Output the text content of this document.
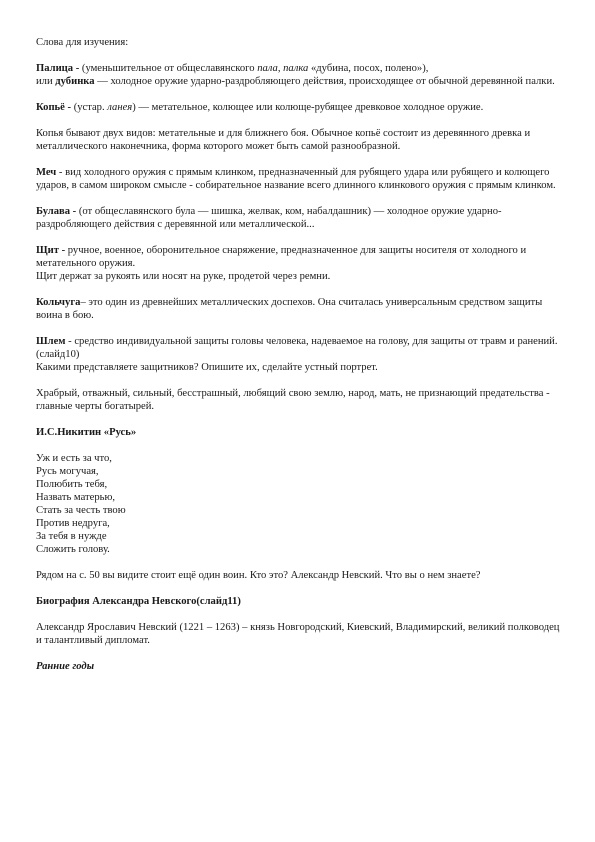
Слова для изучения:

Палица - (уменьшительное от общеславянского пала, палка «дубина, посох, полено»),

или дубинка — холодное оружие ударно-раздробляющего действия, происходящее от обычной деревянной палки.

Копьё - (устар. ланея) — метательное, колющее или колюще-рубящее древковое холодное оружие.

Копья бывают двух видов: метательные и для ближнего боя. Обычное копьё состоит из деревянного древка и металлического наконечника, форма которого может быть самой разнообразной.

Меч - вид холодного оружия с прямым клинком, предназначенный для рубящего удара или рубящего и колющего ударов, в самом широком смысле - собирательное название всего длинного клинкового оружия с прямым клинком.

Булава - (от общеславянского була — шишка, желвак, ком, набалдашник) — холодное оружие ударно-раздробляющего действия с деревянной или металлической...

Щит - ручное, военное, оборонительное снаряжение, предназначенное для защиты носителя от холодного и метательного оружия.

Щит держат за рукоять или носят на руке, продетой через ремни.

Кольчуга– это один из древнейших металлических доспехов. Она считалась универсальным средством защиты воина в бою.

Шлем - средство индивидуальной защиты головы человека, надеваемое на голову, для защиты от травм и ранений. (слайд10)

Какими представляете защитников? Опишите их, сделайте устный портрет.

Храбрый, отважный, сильный, бесстрашный, любящий свою землю, народ, мать, не признающий предательства - главные черты богатырей.

И.С.Никитин «Русь»

Уж и есть за что,

Русь могучая,

Полюбить тебя,

Назвать матерью,

Стать за честь твою

Против недруга,

За тебя в нужде

Сложить голову.

Рядом на с. 50 вы видите стоит ещё один воин. Кто это? Александр Невский. Что вы о нем знаете?

Биография Александра Невского(слайд11)

Александр Ярославич Невский (1221 – 1263) – князь Новгородский, Киевский, Владимирский, великий полководец и талантливый дипломат.

Ранние годы
